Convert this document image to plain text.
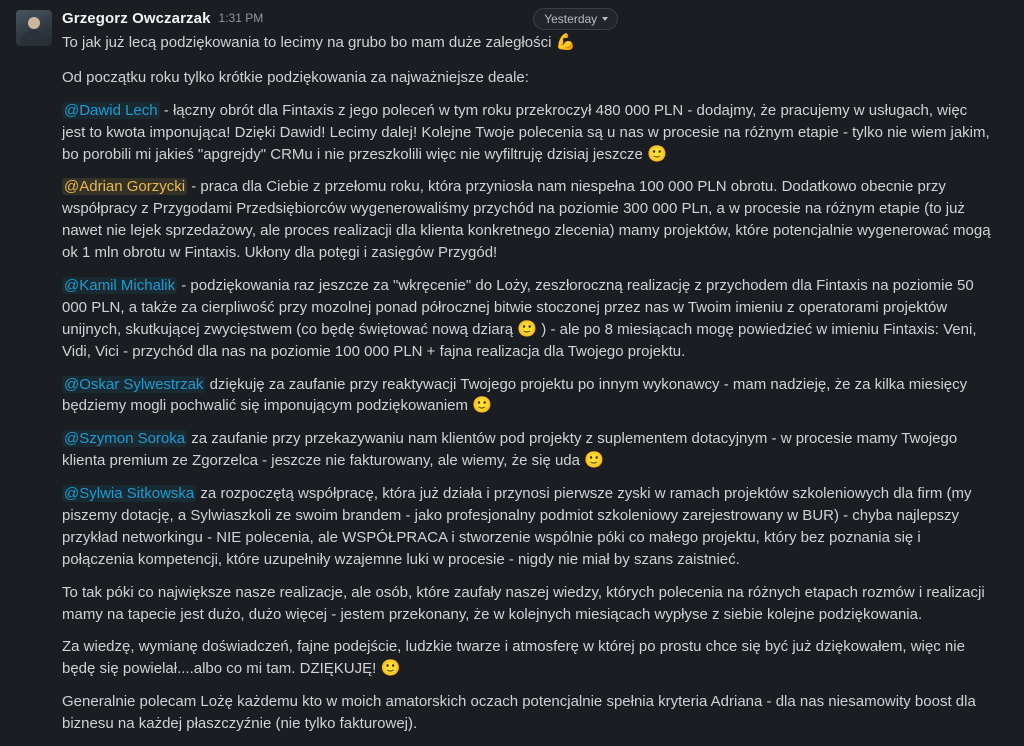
Grzegorz Owczarzak 1:31 PM	Yesterday

To jak już lecą podziękowania to lecimy na grubo bo mam duże zaległości 💪

Od początku roku tylko krótkie podziękowania za najważniejsze deale:

@Dawid Lech - łączny obrót dla Fintaxis z jego poleceń w tym roku przekroczył 480 000 PLN - dodajmy, że pracujemy w usługach, więc jest to kwota imponująca! Dzięki Dawid! Lecimy dalej! Kolejne Twoje polecenia są u nas w procesie na różnym etapie - tylko nie wiem jakim, bo porobili mi jakieś "apgrejdy" CRMu i nie przeszkolili więc nie wyfiltruję dzisiaj jeszcze 🙂

@Adrian Gorzycki - praca dla Ciebie z przełomu roku, która przyniosła nam niespełna 100 000 PLN obrotu. Dodatkowo obecnie przy współpracy z Przygodami Przedsiębiorców wygenerowaliśmy przychód na poziomie 300 000 PLn, a w procesie na różnym etapie (to już nawet nie lejek sprzedażowy, ale proces realizacji dla klienta konkretnego zlecenia) mamy projektów, które potencjalnie wygenerować mogą ok 1 mln obrotu w Fintaxis. Ukłony dla potęgi i zasięgów Przygód!

@Kamil Michalik - podziękowania raz jeszcze za "wkręcenie" do Loży, zeszłoroczną realizację z przychodem dla Fintaxis na poziomie 50 000 PLN, a także za cierpliwość przy mozolnej ponad półrocznej bitwie stoczonej przez nas w Twoim imieniu z operatorami projektów unijnych, skutkującej zwycięstwem (co będę świętować nową dziarą 🙂 ) - ale po 8 miesiącach mogę powiedzieć w imieniu Fintaxis: Veni, Vidi, Vici - przychód dla nas na poziomie 100 000 PLN + fajna realizacja dla Twojego projektu.

@Oskar Sylwestrzak dziękuję za zaufanie przy reaktywacji Twojego projektu po innym wykonawcy - mam nadzieję, że za kilka miesięcy będziemy mogli pochwalić się imponującym podziękowaniem 🙂

@Szymon Soroka za zaufanie przy przekazywaniu nam klientów pod projekty z suplementem dotacyjnym - w procesie mamy Twojego klienta premium ze Zgorzelca - jeszcze nie fakturowany, ale wiemy, że się uda 🙂

@Sylwia Sitkowska za rozpoczętą współpracę, która już działa i przynosi pierwsze zyski w ramach projektów szkoleniowych dla firm (my piszemy dotację, a Sylwiaszkoli ze swoim brandem - jako profesjonalny podmiot szkoleniowy zarejestrowany w BUR) - chyba najlepszy przykład networkingu - NIE polecenia, ale WSPÓŁPRACA i stworzenie wspólnie póki co małego projektu, który bez poznania się i połączenia kompetencji, które uzupełniły wzajemne luki w procesie - nigdy nie miał by szans zaistnieć.

To tak póki co największe nasze realizacje, ale osób, które zaufały naszej wiedzy, których polecenia na różnych etapach rozmów i realizacji mamy na tapecie jest dużo, dużo więcej - jestem przekonany, że w kolejnych miesiącach wypłyse z siebie kolejne podziękowania.

Za wiedzę, wymianę doświadczeń, fajne podejście, ludzkie twarze i atmosferę w której po prostu chce się być już dziękowałem, więc nie będę się powielał....albo co mi tam. DZIĘKUJĘ! 🙂

Generalnie polecam Lożę każdemu kto w moich amatorskich oczach potencjalnie spełnia kryteria Adriana - dla nas niesamowity boost dla biznesu na każdej płaszczyźnie (nie tylko fakturowej).
